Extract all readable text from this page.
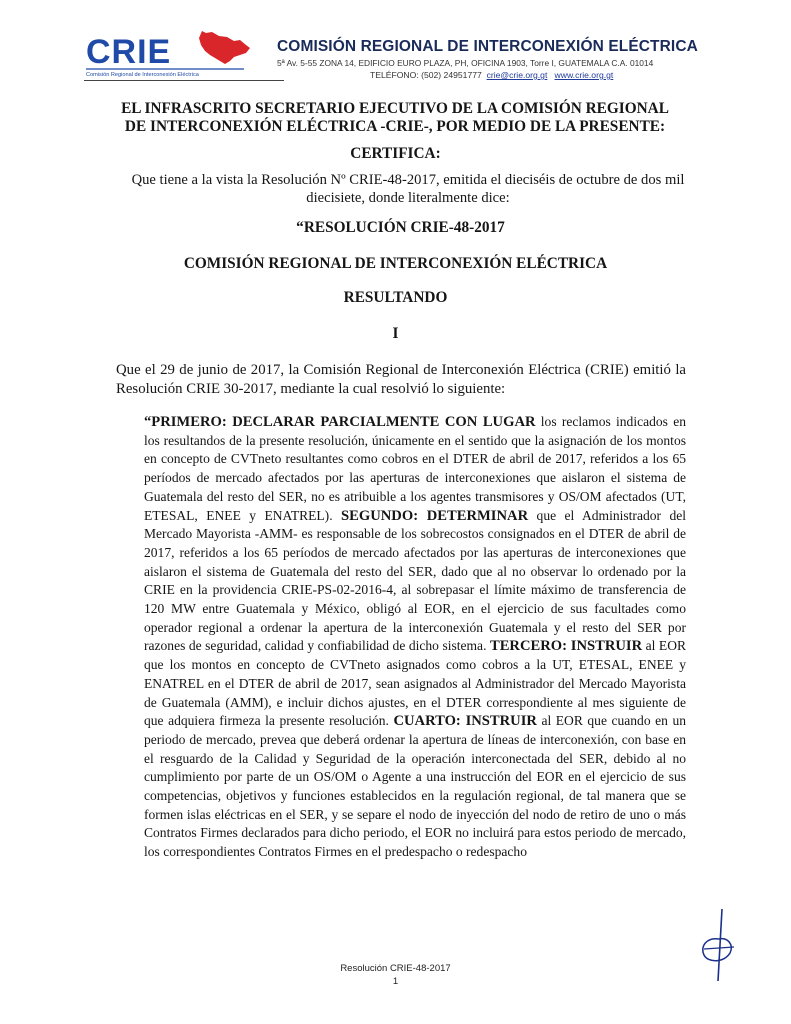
CRIE
Comisión Regional de Interconexión Eléctrica
COMISIÓN REGIONAL DE INTERCONEXIÓN ELÉCTRICA
5ª Av. 5-55 ZONA 14, EDIFICIO EURO PLAZA, PH, OFICINA 1903, Torre I, GUATEMALA C.A. 01014
TELÉFONO: (502) 24951777 crie@crie.org.gt www.crie.org.gt
EL INFRASCRITO SECRETARIO EJECUTIVO DE LA COMISIÓN REGIONAL DE INTERCONEXIÓN ELÉCTRICA -CRIE-, POR MEDIO DE LA PRESENTE:
CERTIFICA:
Que tiene a la vista la Resolución Nº CRIE-48-2017, emitida el dieciséis de octubre de dos mil diecisiete, donde literalmente dice:
“RESOLUCIÓN CRIE-48-2017
COMISIÓN REGIONAL DE INTERCONEXIÓN ELÉCTRICA
RESULTANDO
I
Que el 29 de junio de 2017, la Comisión Regional de Interconexión Eléctrica (CRIE) emitió la Resolución CRIE 30-2017, mediante la cual resolvió lo siguiente:
“PRIMERO: DECLARAR PARCIALMENTE CON LUGAR los reclamos indicados en los resultandos de la presente resolución, únicamente en el sentido que la asignación de los montos en concepto de CVTneto resultantes como cobros en el DTER de abril de 2017, referidos a los 65 períodos de mercado afectados por las aperturas de interconexiones que aislaron el sistema de Guatemala del resto del SER, no es atribuible a los agentes transmisores y OS/OM afectados (UT, ETESAL, ENEE y ENATREL). SEGUNDO: DETERMINAR que el Administrador del Mercado Mayorista -AMM- es responsable de los sobrecostos consignados en el DTER de abril de 2017, referidos a los 65 períodos de mercado afectados por las aperturas de interconexiones que aislaron el sistema de Guatemala del resto del SER, dado que al no observar lo ordenado por la CRIE en la providencia CRIE-PS-02-2016-4, al sobrepasar el límite máximo de transferencia de 120 MW entre Guatemala y México, obligó al EOR, en el ejercicio de sus facultades como operador regional a ordenar la apertura de la interconexión Guatemala y el resto del SER por razones de seguridad, calidad y confiabilidad de dicho sistema. TERCERO: INSTRUIR al EOR que los montos en concepto de CVTneto asignados como cobros a la UT, ETESAL, ENEE y ENATREL en el DTER de abril de 2017, sean asignados al Administrador del Mercado Mayorista de Guatemala (AMM), e incluir dichos ajustes, en el DTER correspondiente al mes siguiente de que adquiera firmeza la presente resolución. CUARTO: INSTRUIR al EOR que cuando en un periodo de mercado, prevea que deberá ordenar la apertura de líneas de interconexión, con base en el resguardo de la Calidad y Seguridad de la operación interconectada del SER, debido al no cumplimiento por parte de un OS/OM o Agente a una instrucción del EOR en el ejercicio de sus competencias, objetivos y funciones establecidos en la regulación regional, de tal manera que se formen islas eléctricas en el SER, y se separe el nodo de inyección del nodo de retiro de uno o más Contratos Firmes declarados para dicho periodo, el EOR no incluirá para estos periodo de mercado, los correspondientes Contratos Firmes en el predespacho o redespacho
Resolución CRIE-48-2017
1
